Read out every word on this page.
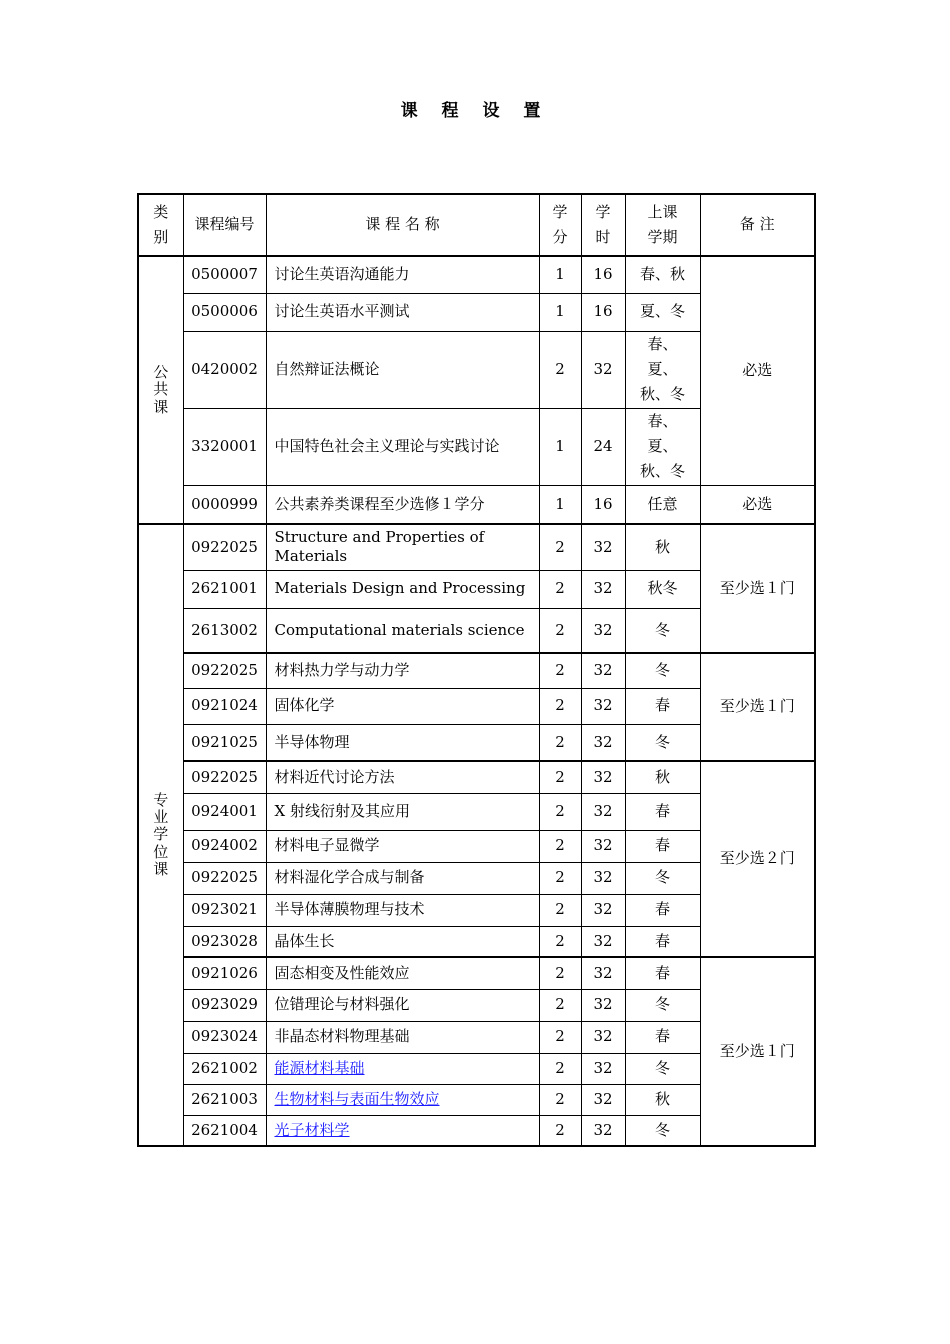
课 程 设 置
类别	课程编号	课 程 名 称	学分	学时	上课学期	备 注

公共课	0500007	讨论生英语沟通能力	1	16	春、秋	必选
	0500006	讨论生英语水平测试	1	16	夏、冬	
	0420002	自然辩证法概论	2	32	春、夏、秋、冬	

	3320001	中国特色社会主义理论与实践讨论	1	24	春、夏、秋、冬	

	0000999	公共素养类课程至少选修１学分	1	16	任意	必选

专业学位课	0922025	Structure and Properties of Materials	2	32	秋	至少选１门
	2621001	Materials Design and Processing	2	32	秋冬	
	2613002	Computational materials science	2	32	冬	
	0922025	材料热力学与动力学	2	32	冬	至少选１门
	0921024	固体化学	2	32	春	
	0921025	半导体物理	2	32	冬	
	0922025	材料近代讨论方法	2	32	秋	至少选２门
	0924001	X 射线衍射及其应用	2	32	春	
	0924002	材料电子显微学	2	32	春	
	0922025	材料湿化学合成与制备	2	32	冬	
	0923021	半导体薄膜物理与技术	2	32	春	
	0923028	晶体生长	2	32	春	
	0921026	固态相变及性能效应	2	32	春	至少选１门
	0923029	位错理论与材料强化	2	32	冬	
	0923024	非晶态材料物理基础	2	32	春	
	2621002	能源材料基础	2	32	冬	
	2621003	生物材料与表面生物效应	2	32	秋	
	2621004	光子材料学	2	32	冬	
